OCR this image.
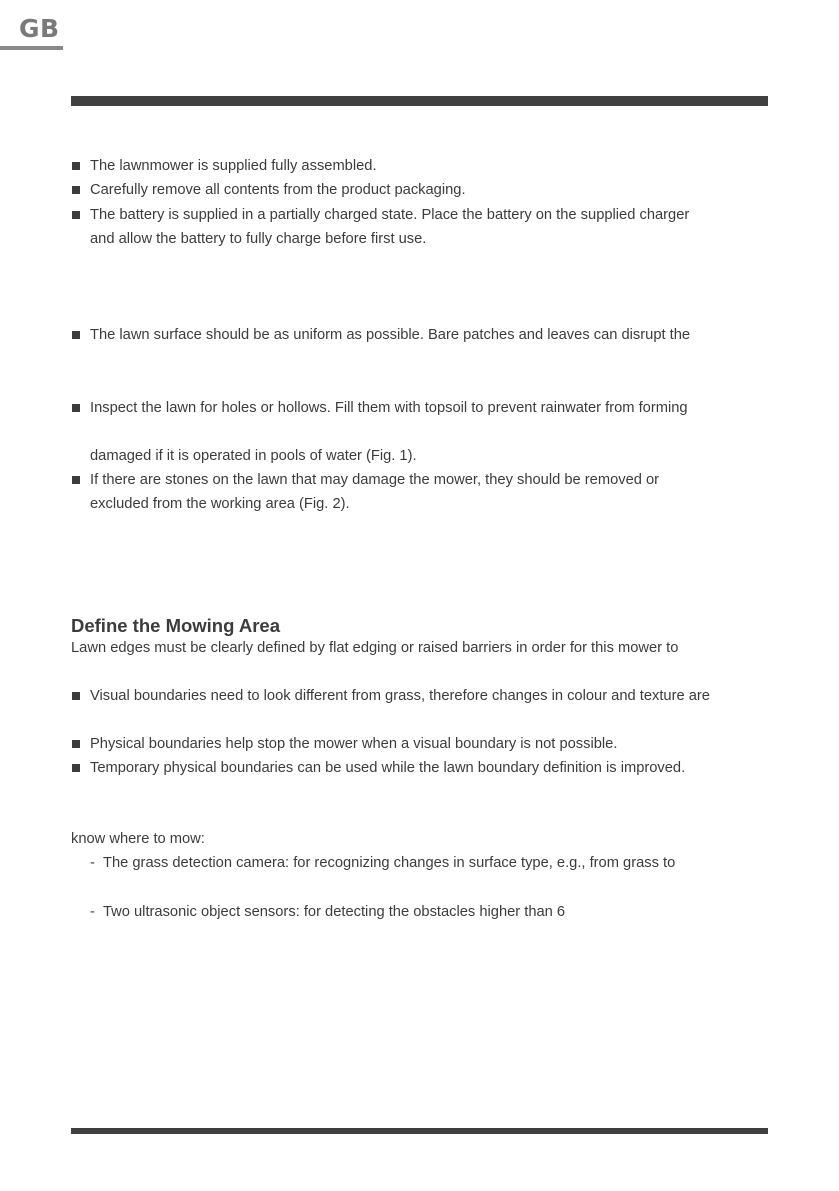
GB
The lawnmower is supplied fully assembled.
Carefully remove all contents from the product packaging.
The battery is supplied in a partially charged state. Place the battery on the supplied charger
and allow the battery to fully charge before first use.
The lawn surface should be as uniform as possible. Bare patches and leaves can disrupt the
Inspect the lawn for holes or hollows. Fill them with topsoil to prevent rainwater from forming
damaged if it is operated in pools of water (Fig. 1).
If there are stones on the lawn that may damage the mower, they should be removed or
excluded from the working area (Fig. 2).
Define the Mowing Area
Lawn edges must be clearly defined by flat edging or raised barriers in order for this mower to
Visual boundaries need to look different from grass, therefore changes in colour and texture are
Physical boundaries help stop the mower when a visual boundary is not possible.
Temporary physical boundaries can be used while the lawn boundary definition is improved.
know where to mow:
- The grass detection camera: for recognizing changes in surface type, e.g., from grass to
- Two ultrasonic object sensors: for detecting the obstacles higher than 6
